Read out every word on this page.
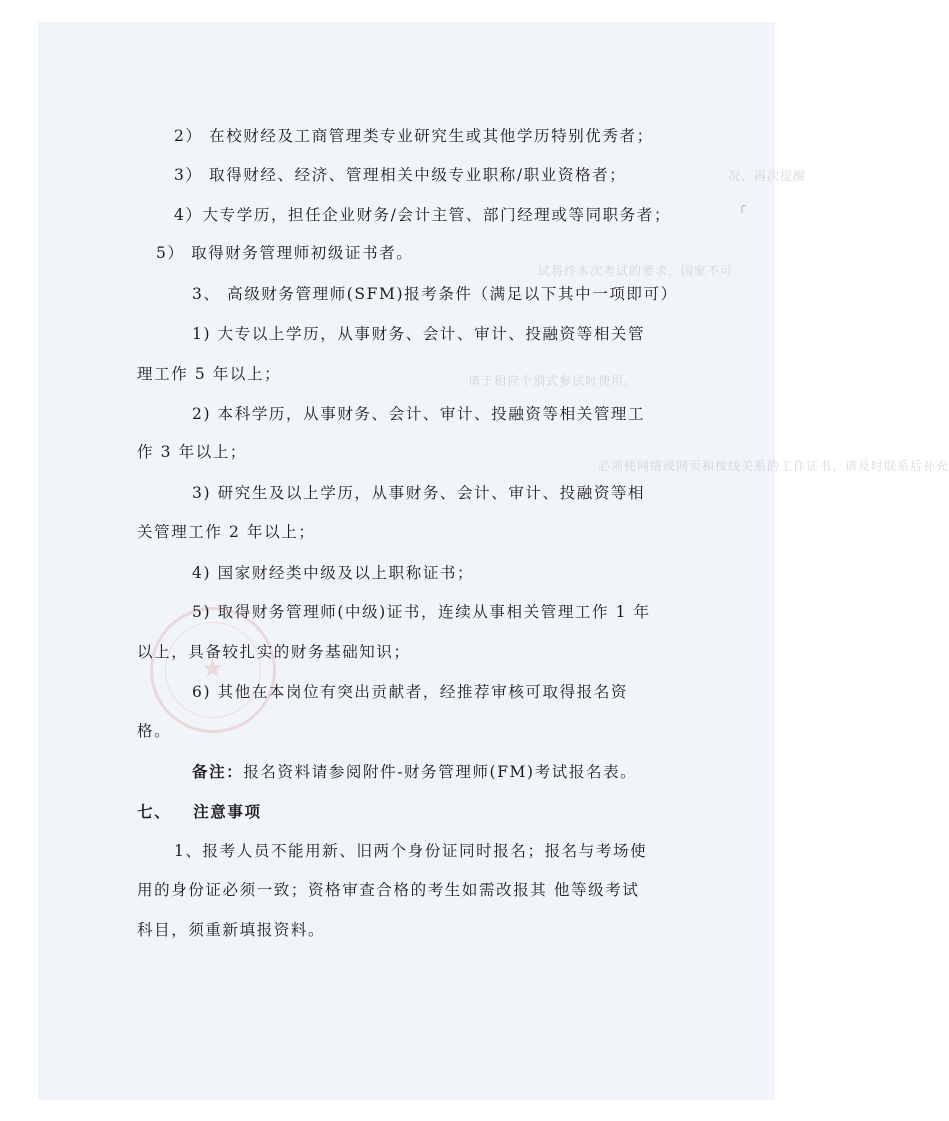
况，再次提醒
试将终本次考试的要求，国家不可
请于相应个别式参试时使用。
必须使网络或网页和按线关系的工作证书，请及时联系后补充
★
╭

2） 在校财经及工商管理类专业研究生或其他学历特别优秀者；

3） 取得财经、经济、管理相关中级专业职称/职业资格者；

4）大专学历，担任企业财务/会计主管、部门经理或等同职务者；

5） 取得财务管理师初级证书者。

3、 高级财务管理师(SFM)报考条件（满足以下其中一项即可）

1) 大专以上学历，从事财务、会计、审计、投融资等相关管

理工作 5 年以上；

2) 本科学历，从事财务、会计、审计、投融资等相关管理工

作 3 年以上；

3) 研究生及以上学历，从事财务、会计、审计、投融资等相

关管理工作 2 年以上；

4) 国家财经类中级及以上职称证书；

5) 取得财务管理师(中级)证书，连续从事相关管理工作 1 年

以上，具备较扎实的财务基础知识；

6) 其他在本岗位有突出贡献者，经推荐审核可取得报名资

格。

备注：报名资料请参阅附件-财务管理师(FM)考试报名表。

七、 注意事项

1、报考人员不能用新、旧两个身份证同时报名；报名与考场使

用的身份证必须一致；资格审查合格的考生如需改报其 他等级考试

科目，须重新填报资料。
